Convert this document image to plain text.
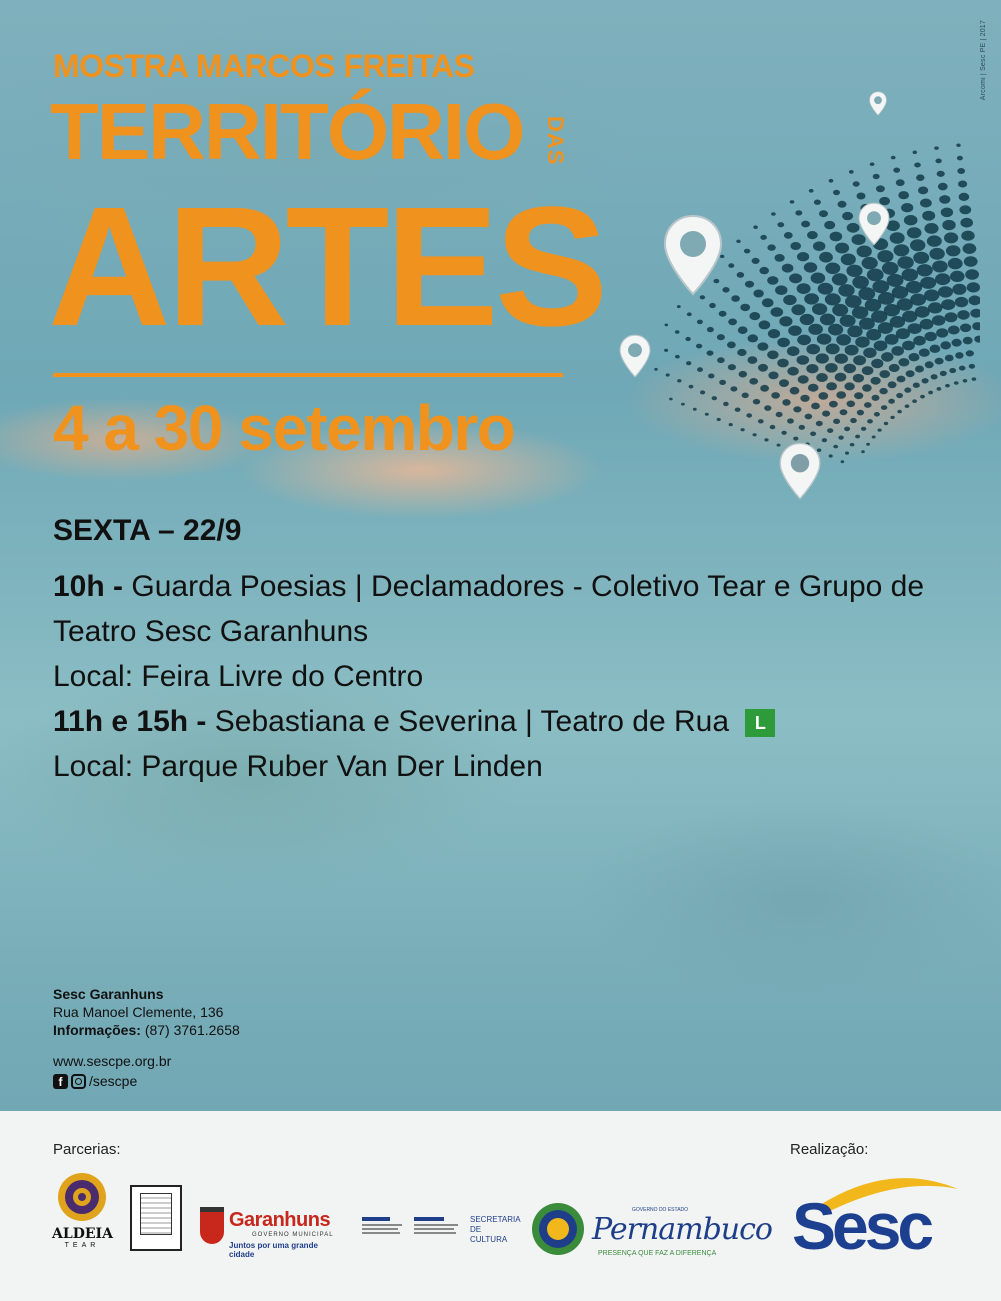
Arcomi | Sesc PE | 2017
MOSTRA MARCOS FREITAS
TERRITÓRIO DAS
ARTES
4 a 30 setembro
SEXTA – 22/9
10h - Guarda Poesias | Declamadores - Coletivo Tear e Grupo de Teatro Sesc Garanhuns
Local: Feira Livre do Centro
11h e 15h - Sebastiana e Severina | Teatro de Rua L
Local: Parque Ruber Van Der Linden
Sesc Garanhuns
Rua Manoel Clemente, 136
Informações: (87) 3761.2658
www.sescpe.org.br
f	/sescpe
Parcerias:	Realização:
ALDEIA
TEAR
Garanhuns
GOVERNO MUNICIPAL
Juntos por uma grande cidade
SECRETARIA DE CULTURA
GOVERNO DO ESTADO
Pernambuco
PRESENÇA QUE FAZ A DIFERENÇA Sesc
